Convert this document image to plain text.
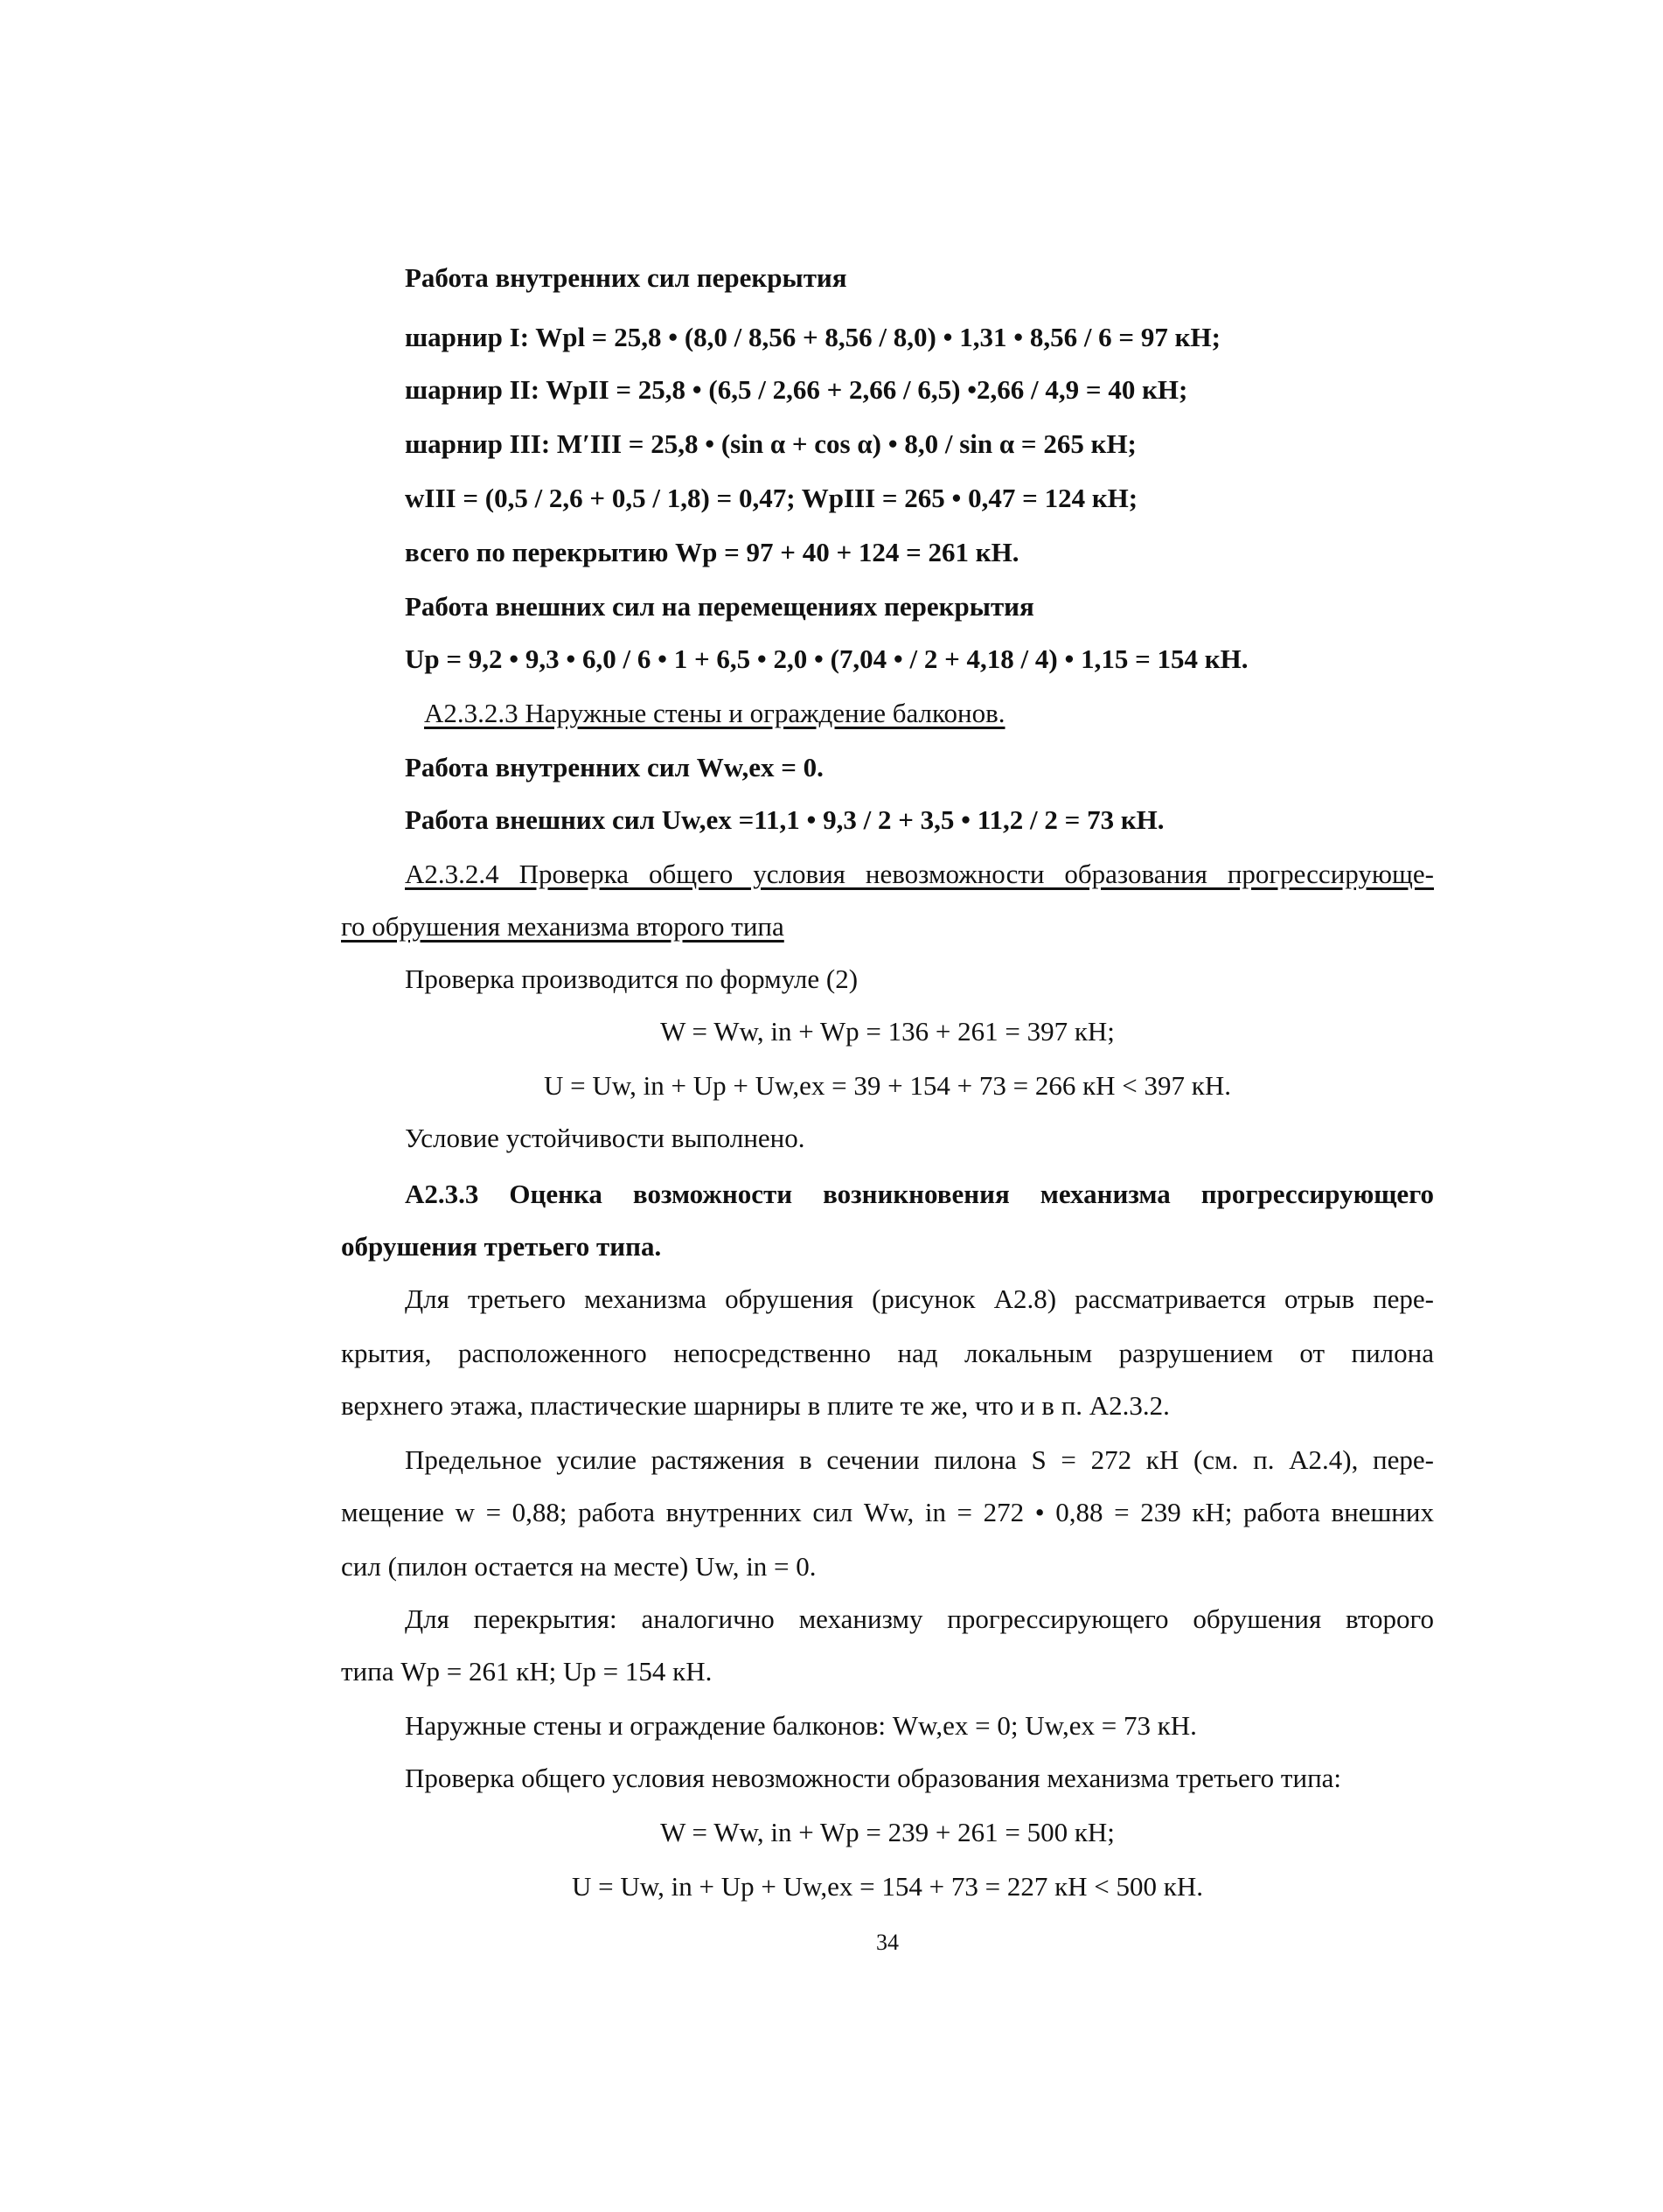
Работа внутренних сил перекрытия
шарнир I: Wpl = 25,8 • (8,0 / 8,56 + 8,56 / 8,0) • 1,31 • 8,56 / 6 = 97 кН;
шарнир II: WpII = 25,8 • (6,5 / 2,66 + 2,66 / 6,5) •2,66 / 4,9 = 40 кН;
шарнир III: M′III = 25,8 • (sin α + cos α) • 8,0 / sin α = 265 кН;
wIII = (0,5 / 2,6 + 0,5 / 1,8) = 0,47; WpIII = 265 • 0,47 = 124 кН;
всего по перекрытию Wp = 97 + 40 + 124 = 261 кН.
Работа внешних сил на перемещениях перекрытия
Up = 9,2 • 9,3 • 6,0 / 6 • 1 + 6,5 • 2,0 • (7,04 • / 2 + 4,18 / 4) • 1,15 = 154 кН.
A2.3.2.3 Наружные стены и ограждение балконов.
Работа внутренних сил Ww,ex = 0.
Работа внешних сил Uw,ex =11,1 • 9,3 / 2 + 3,5 • 11,2 / 2 = 73 кН.
A2.3.2.4 Проверка общего условия невозможности образования прогрессирующе-
го обрушения механизма второго типа
Проверка производится по формуле (2)
W = Ww, in + Wp = 136 + 261 = 397 кН;
U = Uw, in + Up + Uw,ex = 39 + 154 + 73 = 266 кН < 397 кН.
Условие устойчивости выполнено.
A2.3.3 Оценка возможности возникновения механизма прогрессирующего
обрушения третьего типа.
Для третьего механизма обрушения (рисунок А2.8) рассматривается отрыв пере-
крытия, расположенного непосредственно над локальным разрушением от пилона
верхнего этажа, пластические шарниры в плите те же, что и в п. А2.3.2.
Предельное усилие растяжения в сечении пилона S = 272 кН (см. п. А2.4), пере-
мещение w = 0,88; работа внутренних сил Ww, in = 272 • 0,88 = 239 кН; работа внешних
сил (пилон остается на месте) Uw, in = 0.
Для перекрытия: аналогично механизму прогрессирующего обрушения второго
типа Wp = 261 кН; Up = 154 кН.
Наружные стены и ограждение балконов: Ww,ex = 0; Uw,ex = 73 кН.
Проверка общего условия невозможности образования механизма третьего типа:
W = Ww, in + Wp = 239 + 261 = 500 кН;
U = Uw, in + Up + Uw,ex = 154 + 73 = 227 кН < 500 кН.
34
